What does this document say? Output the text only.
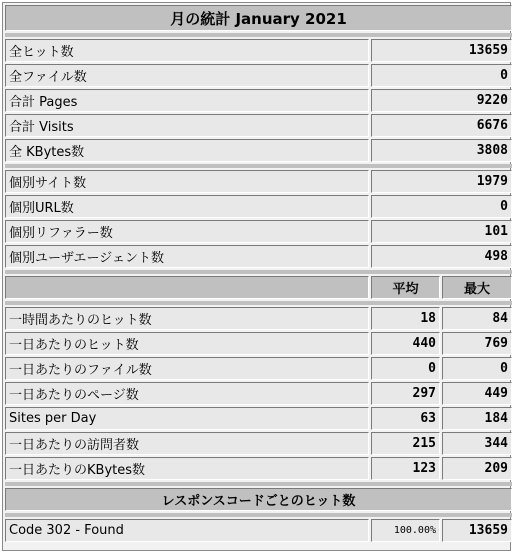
月の統計 January 2021		

全ヒット数	13659	
全ファイル数	0	
合計 Pages	9220	
合計 Visits	6676	
全 KBytes数	3808	

個別サイト数	1979	
個別URL数	0	
個別リファラー数	101	
個別ユーザエージェント数	498	

	平均	最大

一時間あたりのヒット数	18	84
一日あたりのヒット数	440	769
一日あたりのファイル数	0	0
一日あたりのページ数	297	449
Sites per Day	63	184
一日あたりの訪問者数	215	344
一日あたりのKBytes数	123	209

レスポンスコードごとのヒット数		

Code 302 - Found	100.00%	13659
